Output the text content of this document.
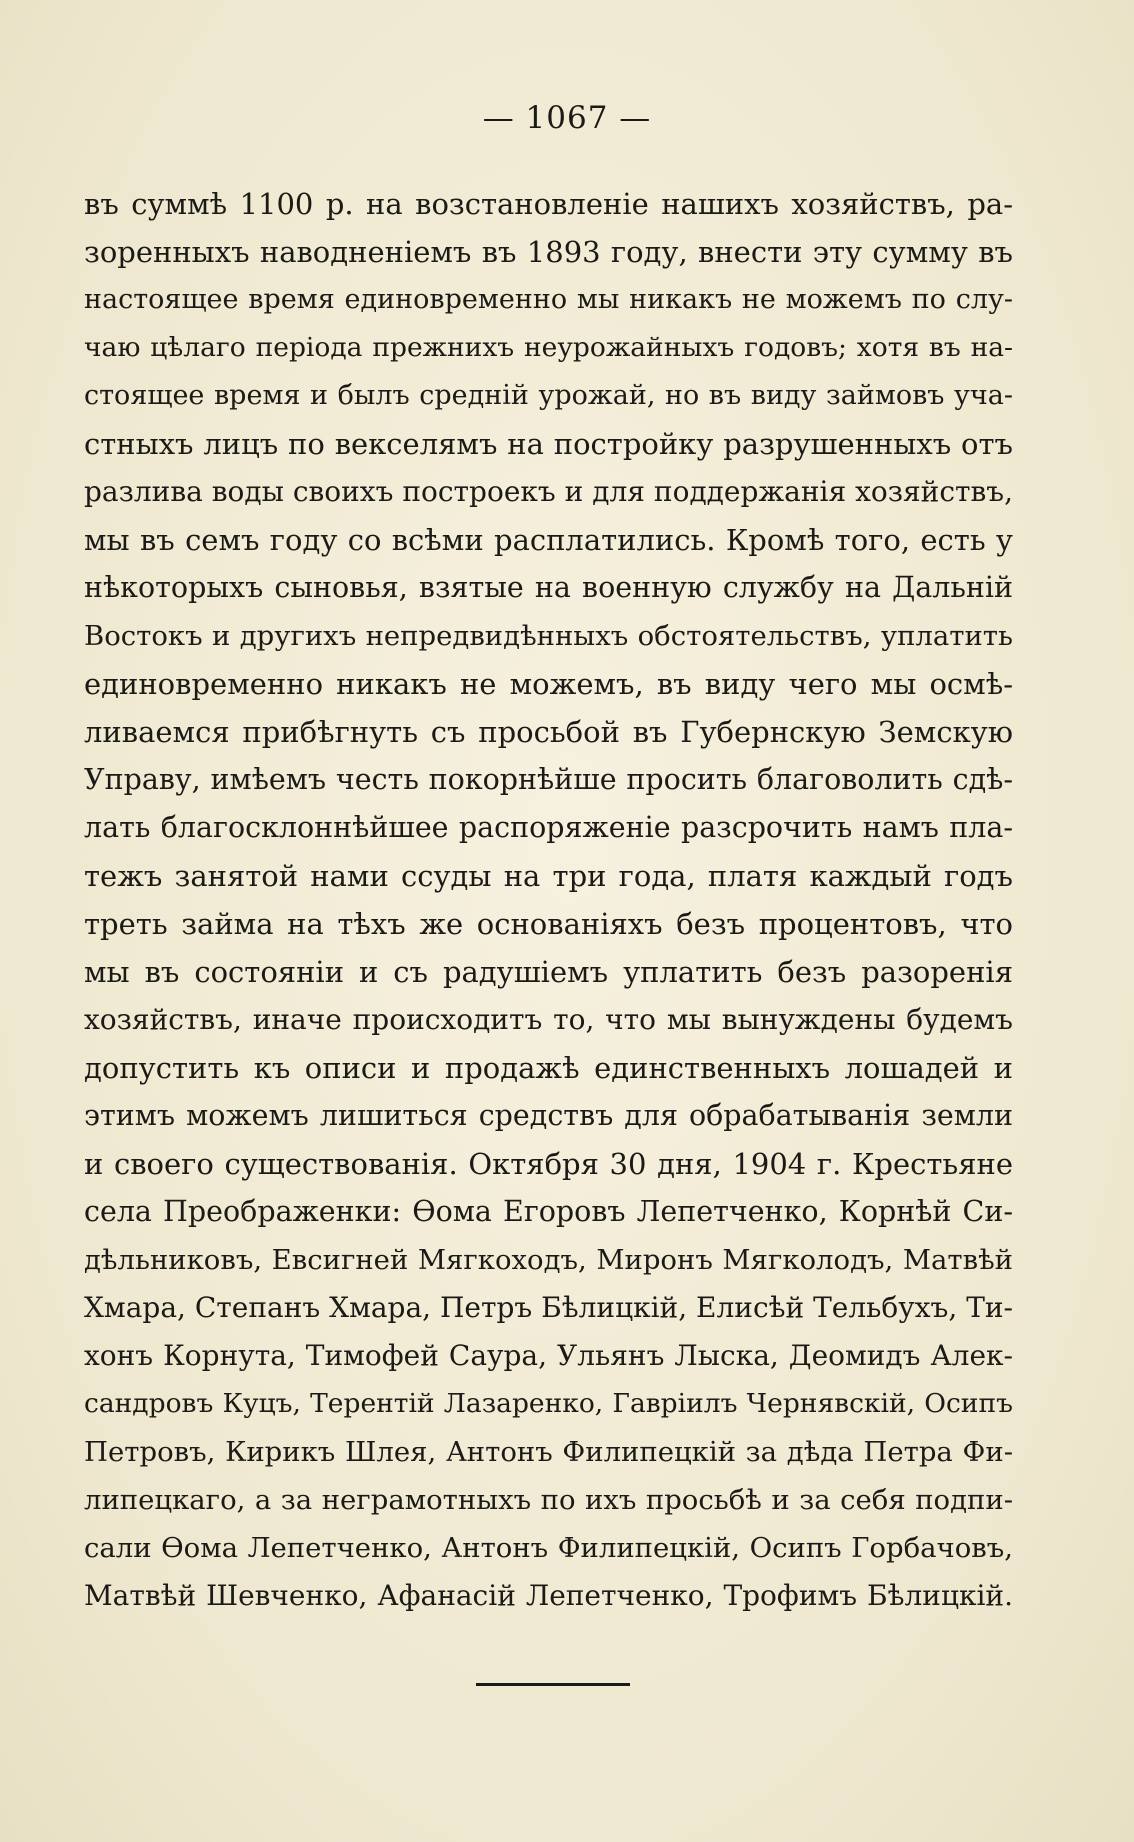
— 1067 —
въ суммѣ 1100 р. на возстановленіе нашихъ хозяйствъ, ра-
зоренныхъ наводненіемъ въ 1893 году, внести эту сумму въ
настоящее время единовременно мы никакъ не можемъ по слу-
чаю цѣлаго періода прежнихъ неурожайныхъ годовъ; хотя въ на-
стоящее время и былъ средній урожай, но въ виду займовъ уча-
стныхъ лицъ по векселямъ на постройку разрушенныхъ отъ
разлива воды своихъ построекъ и для поддержанія хозяйствъ,
мы въ семъ году со всѣми расплатились. Кромѣ того, есть у
нѣкоторыхъ сыновья, взятые на военную службу на Дальній
Востокъ и другихъ непредвидѣнныхъ обстоятельствъ, уплатить
единовременно никакъ не можемъ, въ виду чего мы осмѣ-
ливаемся прибѣгнуть съ просьбой въ Губернскую Земскую
Управу, имѣемъ честь покорнѣйше просить благоволить сдѣ-
лать благосклоннѣйшее распоряженіе разсрочить намъ пла-
тежъ занятой нами ссуды на три года, платя каждый годъ
треть займа на тѣхъ же основаніяхъ безъ процентовъ, что
мы въ состояніи и съ радушіемъ уплатить безъ разоренія
хозяйствъ, иначе происходитъ то, что мы вынуждены будемъ
допустить къ описи и продажѣ единственныхъ лошадей и
этимъ можемъ лишиться средствъ для обрабатыванія земли
и своего существованія. Октября 30 дня, 1904 г. Крестьяне
села Преображенки: Ѳома Егоровъ Лепетченко, Корнѣй Си-
дѣльниковъ, Евсигней Мягкоходъ, Миронъ Мягколодъ, Матвѣй
Хмара, Степанъ Хмара, Петръ Бѣлицкій, Елисѣй Тельбухъ, Ти-
хонъ Корнута, Тимофей Саура, Ульянъ Лыска, Деомидъ Алек-
сандровъ Куцъ, Терентій Лазаренко, Гавріилъ Чернявскій, Осипъ
Петровъ, Кирикъ Шлея, Антонъ Филипецкій за дѣда Петра Фи-
липецкаго, а за неграмотныхъ по ихъ просьбѣ и за себя подпи-
сали Ѳома Лепетченко, Антонъ Филипецкій, Осипъ Горбачовъ,
Матвѣй Шевченко, Афанасій Лепетченко, Трофимъ Бѣлицкій.
